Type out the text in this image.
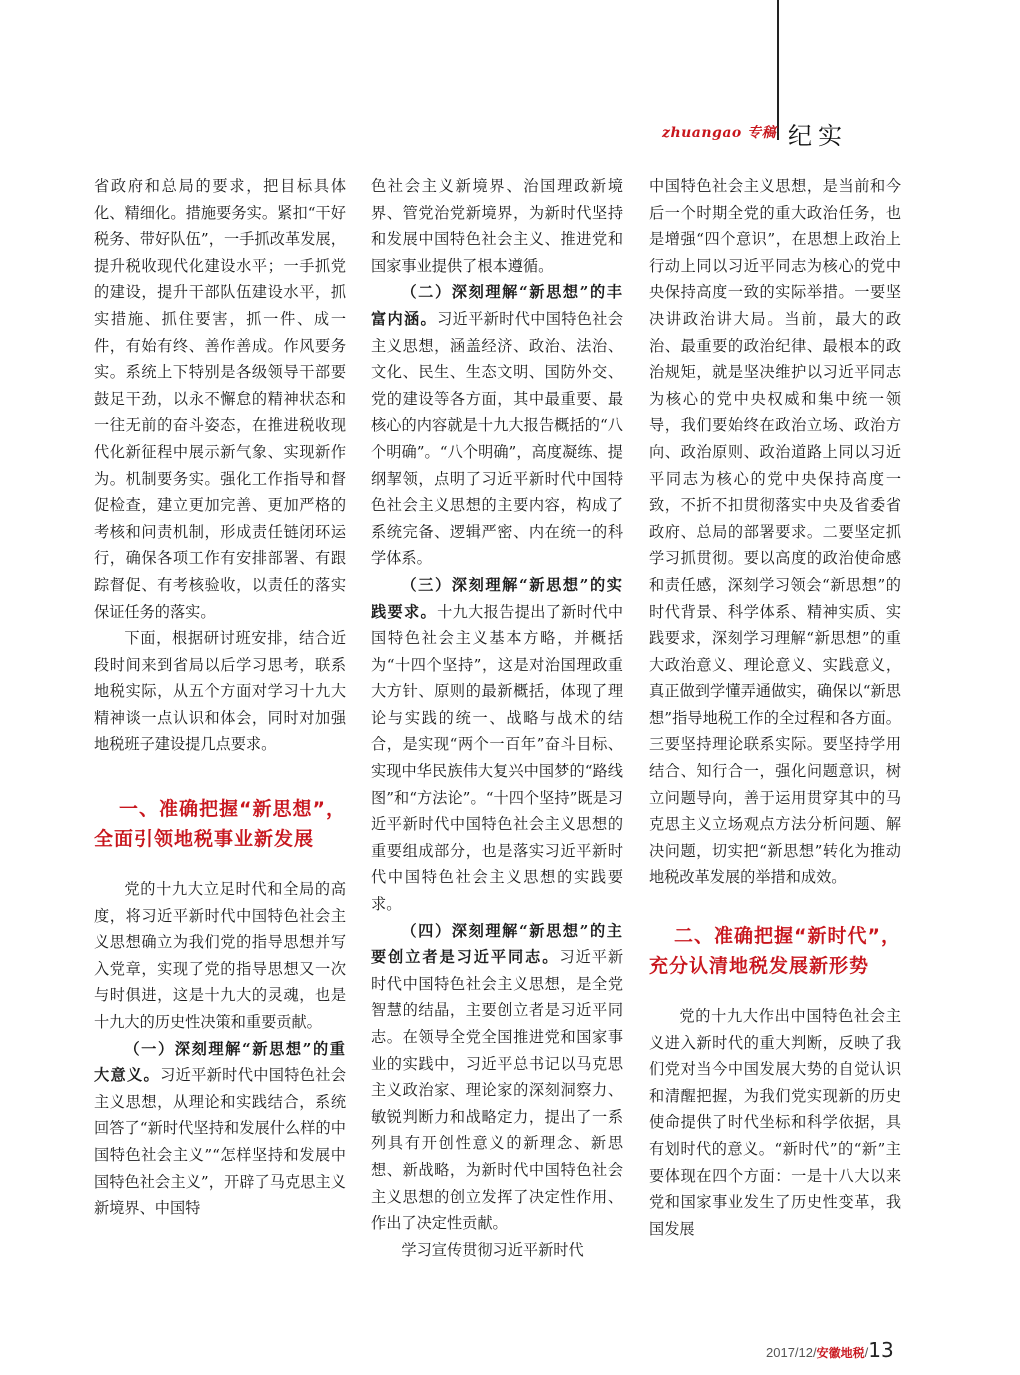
zhuangao 专稿 纪实

省政府和总局的要求，把目标具体化、精细化。措施要务实。紧扣“干好税务、带好队伍”，一手抓改革发展，提升税收现代化建设水平；一手抓党的建设，提升干部队伍建设水平，抓实措施、抓住要害，抓一件、成一件，有始有终、善作善成。作风要务实。系统上下特别是各级领导干部要鼓足干劲，以永不懈怠的精神状态和一往无前的奋斗姿态，在推进税收现代化新征程中展示新气象、实现新作为。机制要务实。强化工作指导和督促检查，建立更加完善、更加严格的考核和问责机制，形成责任链闭环运行，确保各项工作有安排部署、有跟踪督促、有考核验收，以责任的落实保证任务的落实。

下面，根据研讨班安排，结合近段时间来到省局以后学习思考，联系地税实际，从五个方面对学习十九大精神谈一点认识和体会，同时对加强地税班子建设提几点要求。

一、准确把握“新思想”，
全面引领地税事业新发展

党的十九大立足时代和全局的高度，将习近平新时代中国特色社会主义思想确立为我们党的指导思想并写入党章，实现了党的指导思想又一次与时俱进，这是十九大的灵魂，也是十九大的历史性决策和重要贡献。

（一）深刻理解“新思想”的重大意义。习近平新时代中国特色社会主义思想，从理论和实践结合，系统回答了“新时代坚持和发展什么样的中国特色社会主义”“怎样坚持和发展中国特色社会主义”，开辟了马克思主义新境界、中国特

色社会主义新境界、治国理政新境界、管党治党新境界，为新时代坚持和发展中国特色社会主义、推进党和国家事业提供了根本遵循。

（二）深刻理解“新思想”的丰富内涵。习近平新时代中国特色社会主义思想，涵盖经济、政治、法治、文化、民生、生态文明、国防外交、党的建设等各方面，其中最重要、最核心的内容就是十九大报告概括的“八个明确”。“八个明确”，高度凝练、提纲挈领，点明了习近平新时代中国特色社会主义思想的主要内容，构成了系统完备、逻辑严密、内在统一的科学体系。

（三）深刻理解“新思想”的实践要求。十九大报告提出了新时代中国特色社会主义基本方略，并概括为“十四个坚持”，这是对治国理政重大方针、原则的最新概括，体现了理论与实践的统一、战略与战术的结合，是实现“两个一百年”奋斗目标、实现中华民族伟大复兴中国梦的“路线图”和“方法论”。“十四个坚持”既是习近平新时代中国特色社会主义思想的重要组成部分，也是落实习近平新时代中国特色社会主义思想的实践要求。

（四）深刻理解“新思想”的主要创立者是习近平同志。习近平新时代中国特色社会主义思想，是全党智慧的结晶，主要创立者是习近平同志。在领导全党全国推进党和国家事业的实践中，习近平总书记以马克思主义政治家、理论家的深刻洞察力、敏锐判断力和战略定力，提出了一系列具有开创性意义的新理念、新思想、新战略，为新时代中国特色社会主义思想的创立发挥了决定性作用、作出了决定性贡献。

学习宣传贯彻习近平新时代

中国特色社会主义思想，是当前和今后一个时期全党的重大政治任务，也是增强“四个意识”，在思想上政治上行动上同以习近平同志为核心的党中央保持高度一致的实际举措。一要坚决讲政治讲大局。当前，最大的政治、最重要的政治纪律、最根本的政治规矩，就是坚决维护以习近平同志为核心的党中央权威和集中统一领导，我们要始终在政治立场、政治方向、政治原则、政治道路上同以习近平同志为核心的党中央保持高度一致，不折不扣贯彻落实中央及省委省政府、总局的部署要求。二要坚定抓学习抓贯彻。要以高度的政治使命感和责任感，深刻学习领会“新思想”的时代背景、科学体系、精神实质、实践要求，深刻学习理解“新思想”的重大政治意义、理论意义、实践意义，真正做到学懂弄通做实，确保以“新思想”指导地税工作的全过程和各方面。三要坚持理论联系实际。要坚持学用结合、知行合一，强化问题意识，树立问题导向，善于运用贯穿其中的马克思主义立场观点方法分析问题、解决问题，切实把“新思想”转化为推动地税改革发展的举措和成效。

二、准确把握“新时代”，
充分认清地税发展新形势

党的十九大作出中国特色社会主义进入新时代的重大判断，反映了我们党对当今中国发展大势的自觉认识和清醒把握，为我们党实现新的历史使命提供了时代坐标和科学依据，具有划时代的意义。“新时代”的“新”主要体现在四个方面：一是十八大以来党和国家事业发生了历史性变革，我国发展

2017/12/安徽地税/13
